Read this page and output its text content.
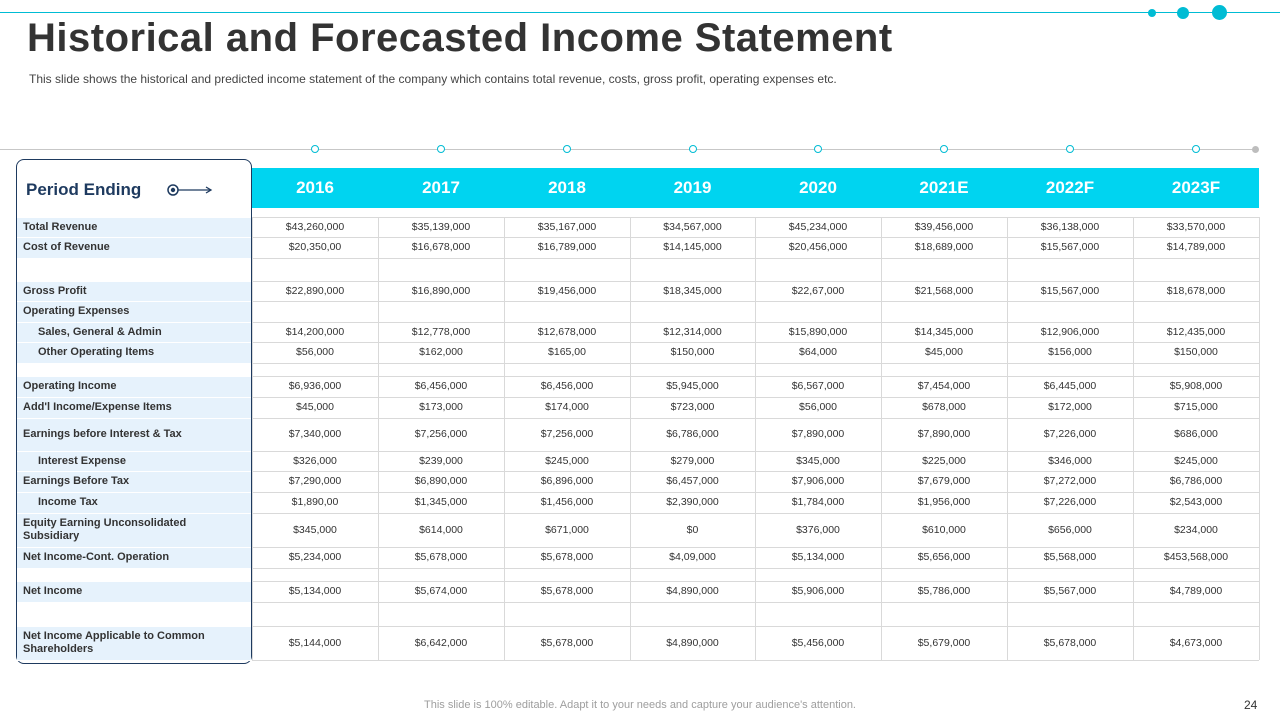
Historical and Forecasted Income Statement

This slide shows the historical and predicted income statement of the company which contains total revenue, costs, gross profit, operating expenses etc.

Period Ending
This slide is 100% editable. Adapt it to your needs and capture your audience's attention.	24
2016	2017	2018	2019	2020	2021E	2022F	2023F
Total Revenue	$43,260,000	$35,139,000	$35,167,000	$34,567,000	$45,234,000	$39,456,000	$36,138,000	$33,570,000
Cost of Revenue	$20,350,00	$16,678,000	$16,789,000	$14,145,000	$20,456,000	$18,689,000	$15,567,000	$14,789,000
Gross Profit	$22,890,000	$16,890,000	$19,456,000	$18,345,000	$22,67,000	$21,568,000	$15,567,000	$18,678,000
Operating Expenses
Sales, General & Admin	$14,200,000	$12,778,000	$12,678,000	$12,314,000	$15,890,000	$14,345,000	$12,906,000	$12,435,000
Other Operating Items	$56,000	$162,000	$165,00	$150,000	$64,000	$45,000	$156,000	$150,000
Operating Income	$6,936,000	$6,456,000	$6,456,000	$5,945,000	$6,567,000	$7,454,000	$6,445,000	$5,908,000
Add'l Income/Expense Items	$45,000	$173,000	$174,000	$723,000	$56,000	$678,000	$172,000	$715,000
Earnings before Interest & Tax	$7,340,000	$7,256,000	$7,256,000	$6,786,000	$7,890,000	$7,890,000	$7,226,000	$686,000
Interest Expense	$326,000	$239,000	$245,000	$279,000	$345,000	$225,000	$346,000	$245,000
Earnings Before Tax	$7,290,000	$6,890,000	$6,896,000	$6,457,000	$7,906,000	$7,679,000	$7,272,000	$6,786,000
Income Tax	$1,890,00	$1,345,000	$1,456,000	$2,390,000	$1,784,000	$1,956,000	$7,226,000	$2,543,000
Equity Earning Unconsolidated Subsidiary	$345,000	$614,000	$671,000	$0	$376,000	$610,000	$656,000	$234,000
Net Income-Cont. Operation	$5,234,000	$5,678,000	$5,678,000	$4,09,000	$5,134,000	$5,656,000	$5,568,000	$453,568,000
Net Income	$5,134,000	$5,674,000	$5,678,000	$4,890,000	$5,906,000	$5,786,000	$5,567,000	$4,789,000
Net Income Applicable to Common Shareholders	$5,144,000	$6,642,000	$5,678,000	$4,890,000	$5,456,000	$5,679,000	$5,678,000	$4,673,000
